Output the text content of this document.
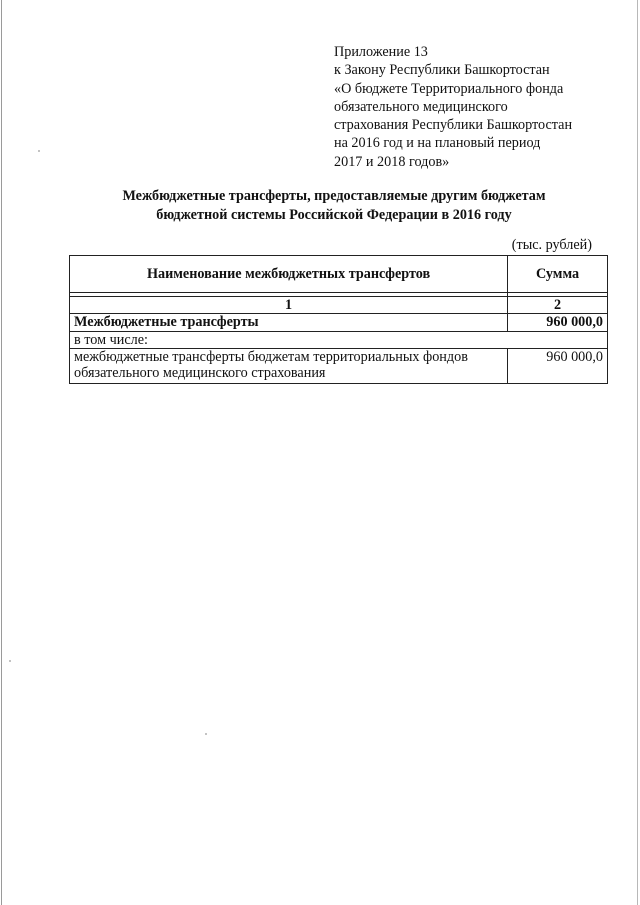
Приложение 13
к Закону Республики Башкортостан
«О бюджете Территориального фонда
обязательного медицинского
страхования Республики Башкортостан
на 2016 год и на плановый период
2017 и 2018 годов»
Межбюджетные трансферты, предоставляемые другим бюджетам
бюджетной системы Российской Федерации в 2016 году
(тыс. рублей)
Наименование межбюджетных трансфертов	Сумма

1	2
Межбюджетные трансферты	960 000,0
в том числе:	
межбюджетные трансферты бюджетам территориальных фондов обязательного медицинского страхования	960 000,0
